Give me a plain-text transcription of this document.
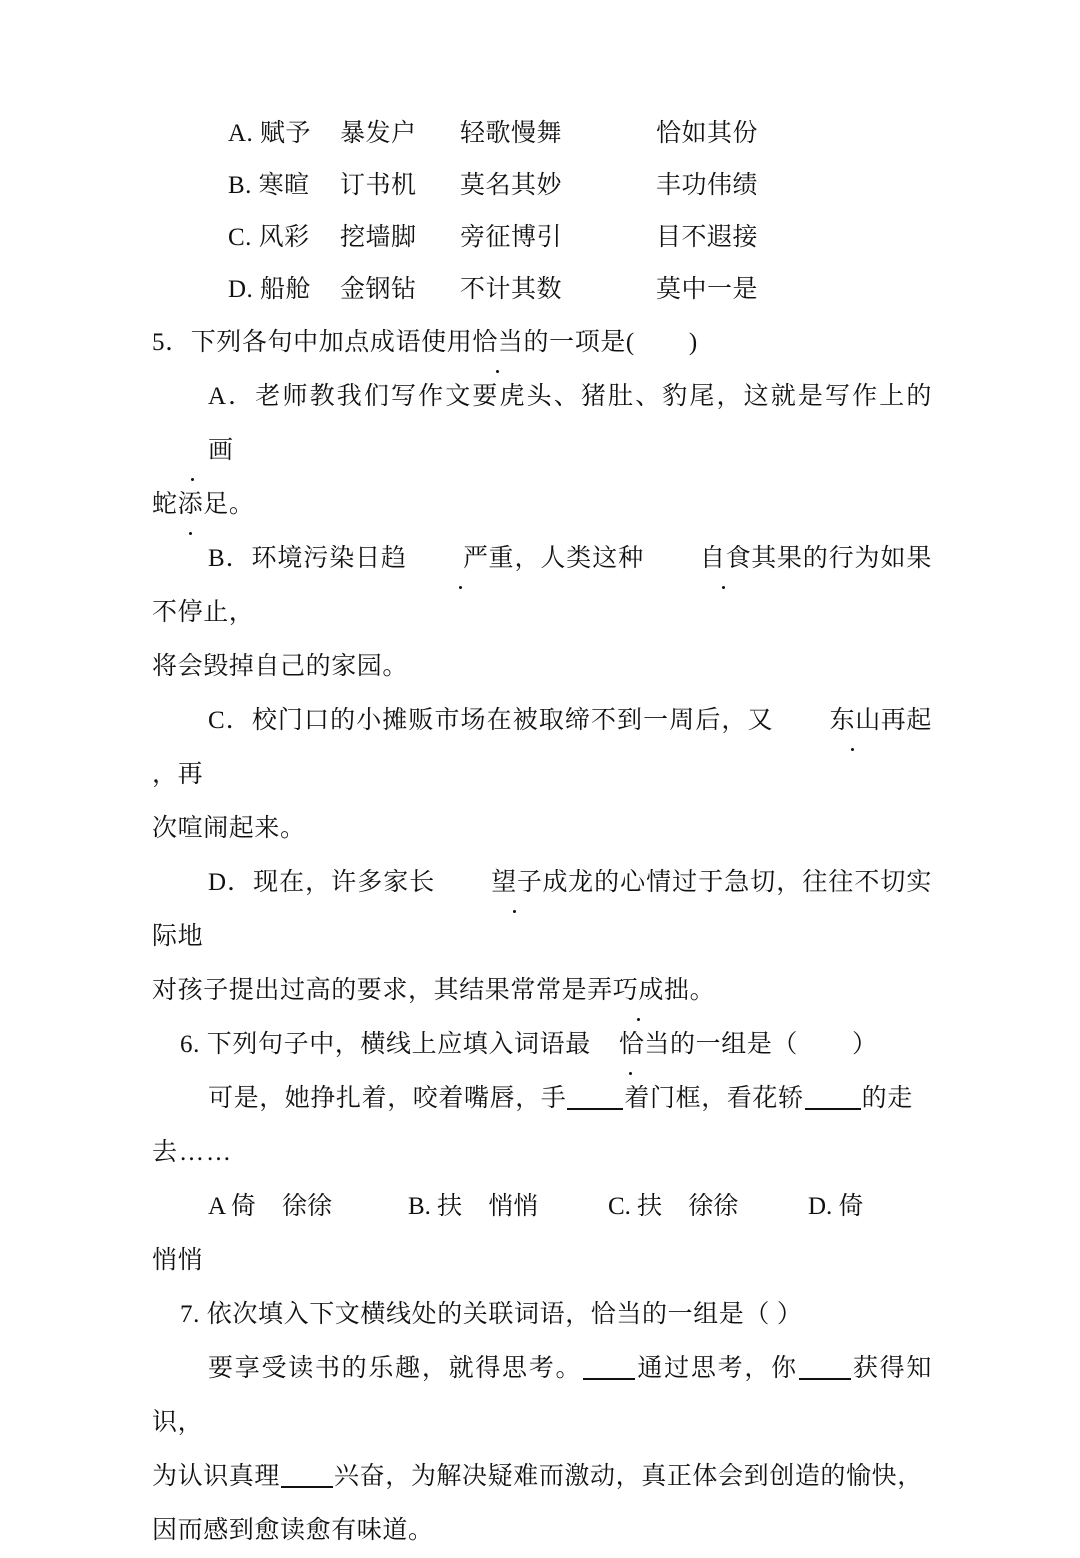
A. 赋予	暴发户	轻歌慢舞	恰如其份
B. 寒暄	订书机	莫名其妙	丰功伟绩
C. 风彩	挖墙脚	旁征博引	目不遐接
D. 船舱	金钢钻	不计其数	莫中一是
5．下列各句中加点成语使用恰当的一项是( )
A．老师教我们写作文要虎头、猪肚、豹尾，这就是写作上的画
蛇添足。
B．环境污染日趋 严重，人类这种 自食其果的行为如果不停止，
将会毁掉自己的家园。
C．校门口的小摊贩市场在被取缔不到一周后，又 东山再起，再
次喧闹起来。
D．现在，许多家长 望子成龙的心情过于急切，往往不切实际地
对孩子提出过高的要求，其结果常常是弄巧成拙。
6. 下列句子中，横线上应填入词语最 恰当的一组是（ ）
可是，她挣扎着，咬着嘴唇，手 着门框，看花轿 的走
去……
A 倚 徐徐	B. 扶 悄悄	C. 扶 徐徐	D. 倚
悄悄
7. 依次填入下文横线处的关联词语，恰当的一组是（ ）
要享受读书的乐趣，就得思考。 通过思考，你 获得知识，
为认识真理 兴奋，为解决疑难而激动，真正体会到创造的愉快，
因而感到愈读愈有味道。
